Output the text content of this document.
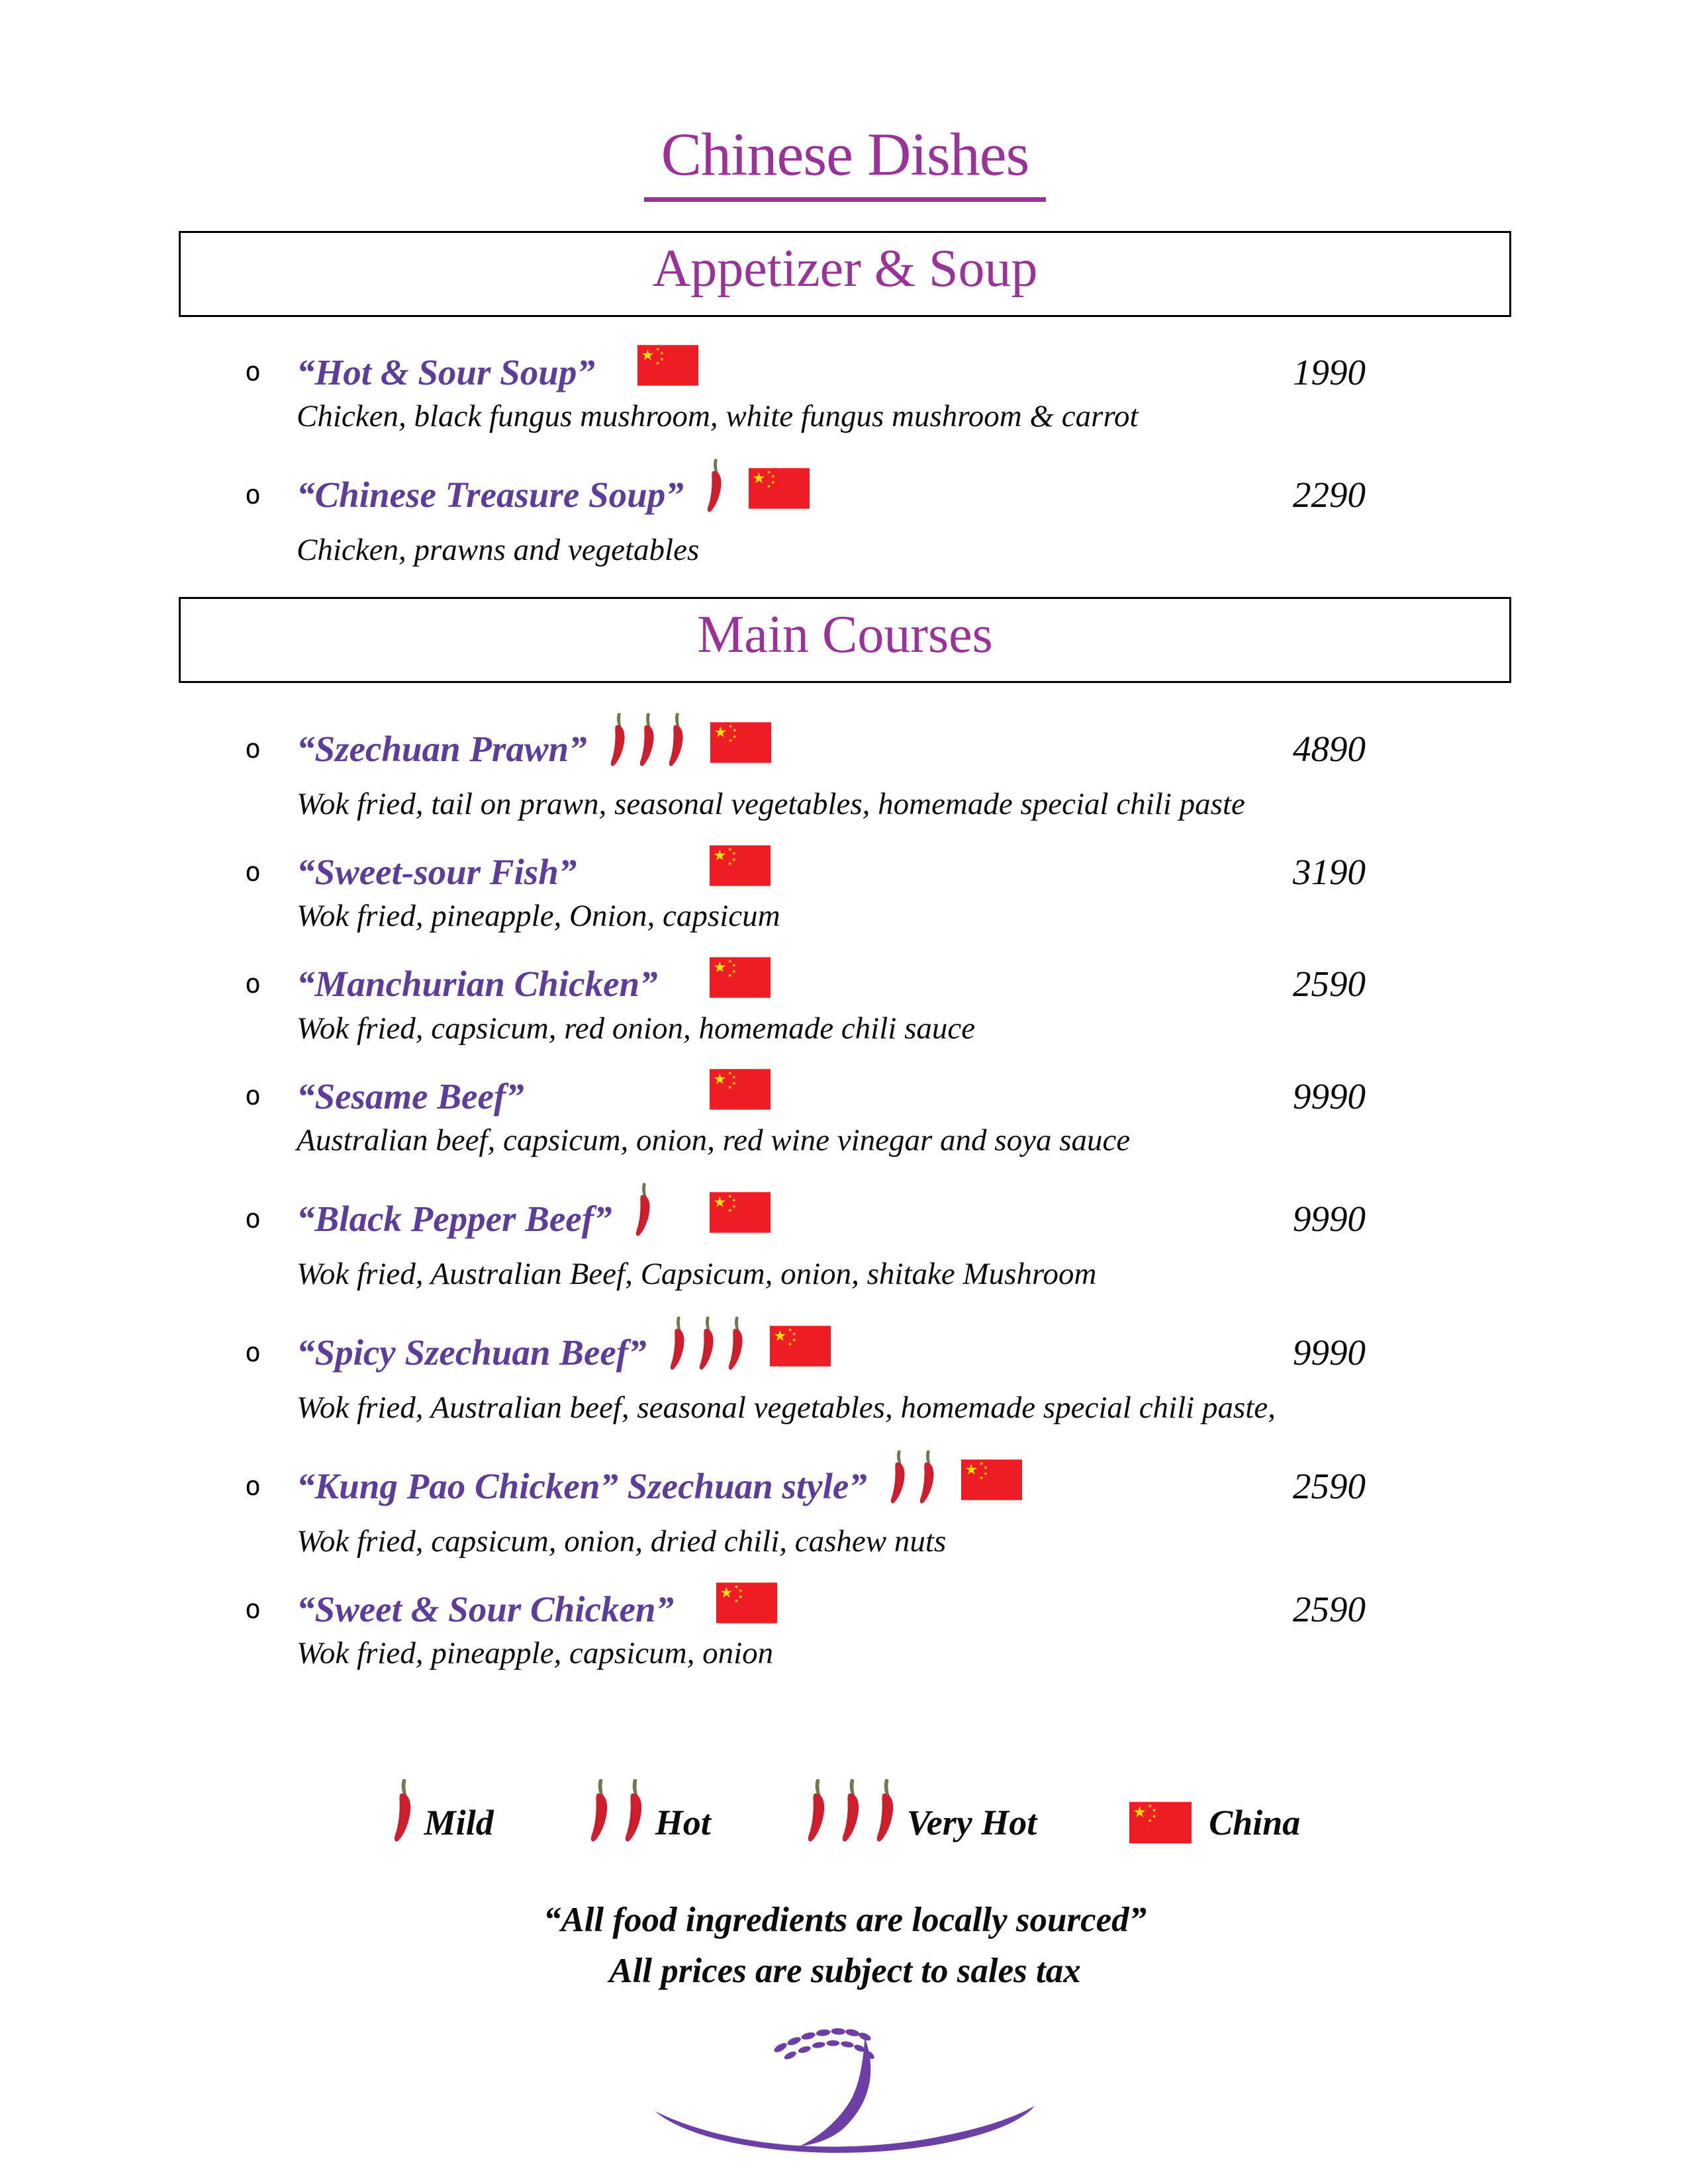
Chinese Dishes
Appetizer & Soup
o “Hot & Sour Soup”	1990
Chicken, black fungus mushroom, white fungus mushroom & carrot
o “Chinese Treasure Soup”	2290
Chicken, prawns and vegetables
Main Courses
o “Szechuan Prawn”	4890
Wok fried, tail on prawn, seasonal vegetables, homemade special chili paste
o “Sweet-sour Fish”	3190
Wok fried, pineapple, Onion, capsicum
o “Manchurian Chicken”	2590
Wok fried, capsicum, red onion, homemade chili sauce
o “Sesame Beef”	9990
Australian beef, capsicum, onion, red wine vinegar and soya sauce
o “Black Pepper Beef”	9990
Wok fried, Australian Beef, Capsicum, onion, shitake Mushroom
o “Spicy Szechuan Beef”	9990
Wok fried, Australian beef, seasonal vegetables, homemade special chili paste,
o “Kung Pao Chicken” Szechuan style”	2590
Wok fried, capsicum, onion, dried chili, cashew nuts
o “Sweet & Sour Chicken”	2590
Wok fried, pineapple, capsicum, onion
Mild	Hot	Very Hot	China
“All food ingredients are locally sourced”
All prices are subject to sales tax
